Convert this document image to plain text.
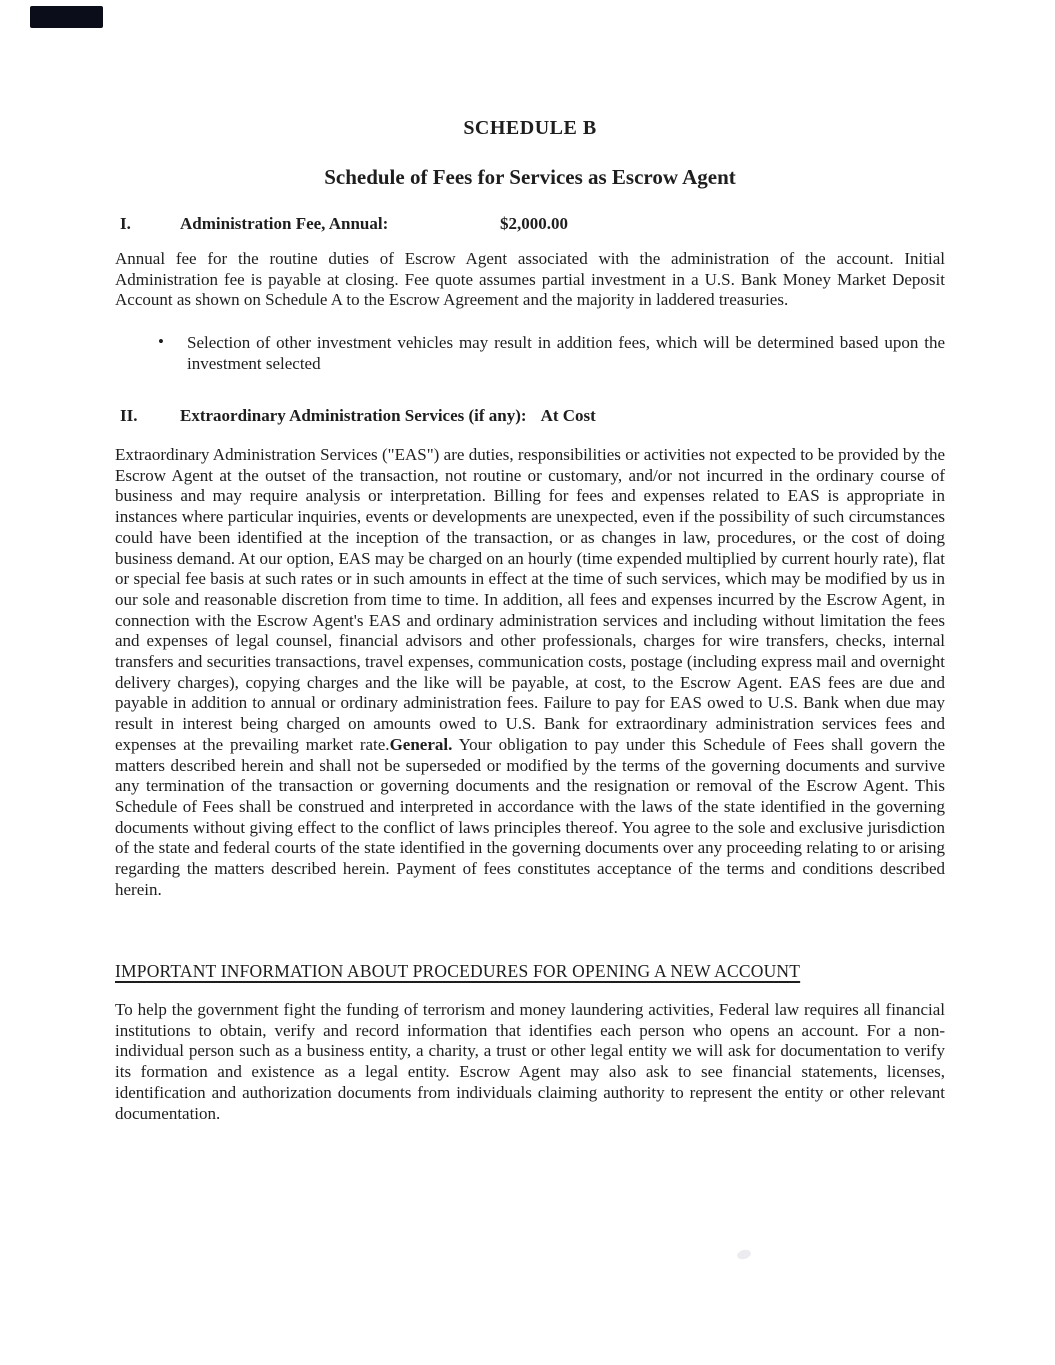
SCHEDULE B
Schedule of Fees for Services as Escrow Agent
I.	Administration Fee, Annual:	$2,000.00
Annual fee for the routine duties of Escrow Agent associated with the administration of the account. Initial Administration fee is payable at closing. Fee quote assumes partial investment in a U.S. Bank Money Market Deposit Account as shown on Schedule A to the Escrow Agreement and the majority in laddered treasuries.
• Selection of other investment vehicles may result in addition fees, which will be determined based upon the investment selected
II.	Extraordinary Administration Services (if any): At Cost
Extraordinary Administration Services ("EAS") are duties, responsibilities or activities not expected to be provided by the Escrow Agent at the outset of the transaction, not routine or customary, and/or not incurred in the ordinary course of business and may require analysis or interpretation. Billing for fees and expenses related to EAS is appropriate in instances where particular inquiries, events or developments are unexpected, even if the possibility of such circumstances could have been identified at the inception of the transaction, or as changes in law, procedures, or the cost of doing business demand. At our option, EAS may be charged on an hourly (time expended multiplied by current hourly rate), flat or special fee basis at such rates or in such amounts in effect at the time of such services, which may be modified by us in our sole and reasonable discretion from time to time. In addition, all fees and expenses incurred by the Escrow Agent, in connection with the Escrow Agent's EAS and ordinary administration services and including without limitation the fees and expenses of legal counsel, financial advisors and other professionals, charges for wire transfers, checks, internal transfers and securities transactions, travel expenses, communication costs, postage (including express mail and overnight delivery charges), copying charges and the like will be payable, at cost, to the Escrow Agent. EAS fees are due and payable in addition to annual or ordinary administration fees. Failure to pay for EAS owed to U.S. Bank when due may result in interest being charged on amounts owed to U.S. Bank for extraordinary administration services fees and expenses at the prevailing market rate.General. Your obligation to pay under this Schedule of Fees shall govern the matters described herein and shall not be superseded or modified by the terms of the governing documents and survive any termination of the transaction or governing documents and the resignation or removal of the Escrow Agent. This Schedule of Fees shall be construed and interpreted in accordance with the laws of the state identified in the governing documents without giving effect to the conflict of laws principles thereof. You agree to the sole and exclusive jurisdiction of the state and federal courts of the state identified in the governing documents over any proceeding relating to or arising regarding the matters described herein. Payment of fees constitutes acceptance of the terms and conditions described herein.
IMPORTANT INFORMATION ABOUT PROCEDURES FOR OPENING A NEW ACCOUNT
To help the government fight the funding of terrorism and money laundering activities, Federal law requires all financial institutions to obtain, verify and record information that identifies each person who opens an account. For a non-individual person such as a business entity, a charity, a trust or other legal entity we will ask for documentation to verify its formation and existence as a legal entity. Escrow Agent may also ask to see financial statements, licenses, identification and authorization documents from individuals claiming authority to represent the entity or other relevant documentation.
